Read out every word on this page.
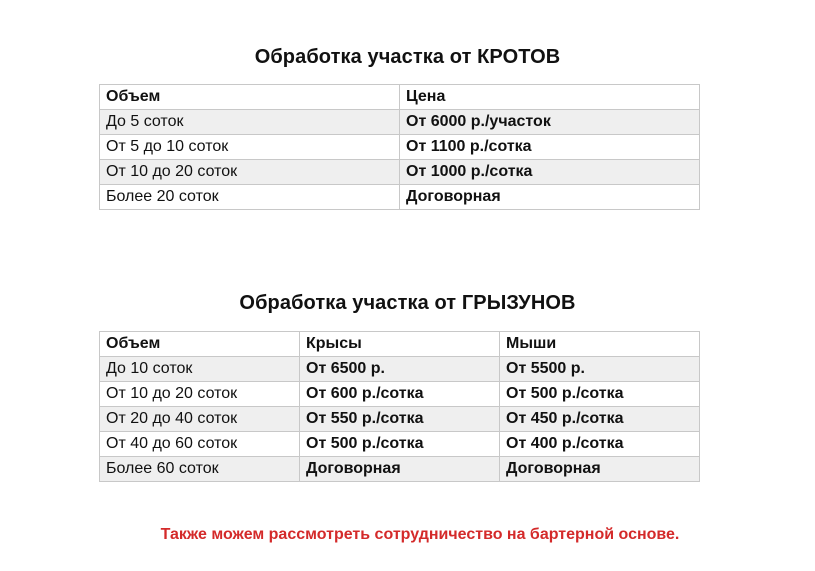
Обработка участка от КРОТОВ
Объем	Цена
До 5 соток	От 6000 р./участок
От 5 до 10 соток	От 1100 р./сотка
От 10 до 20 соток	От 1000 р./сотка
Более 20 соток	Договорная
Обработка участка от ГРЫЗУНОВ
Объем	Крысы	Мыши
До 10 соток	От 6500 р.	От 5500 р.
От 10 до 20 соток	От 600 р./сотка	От 500 р./сотка
От 20 до 40 соток	От 550 р./сотка	От 450 р./сотка
От 40 до 60 соток	От 500 р./сотка	От 400 р./сотка
Более 60 соток	Договорная	Договорная
Также можем рассмотреть сотрудничество на бартерной основе.
